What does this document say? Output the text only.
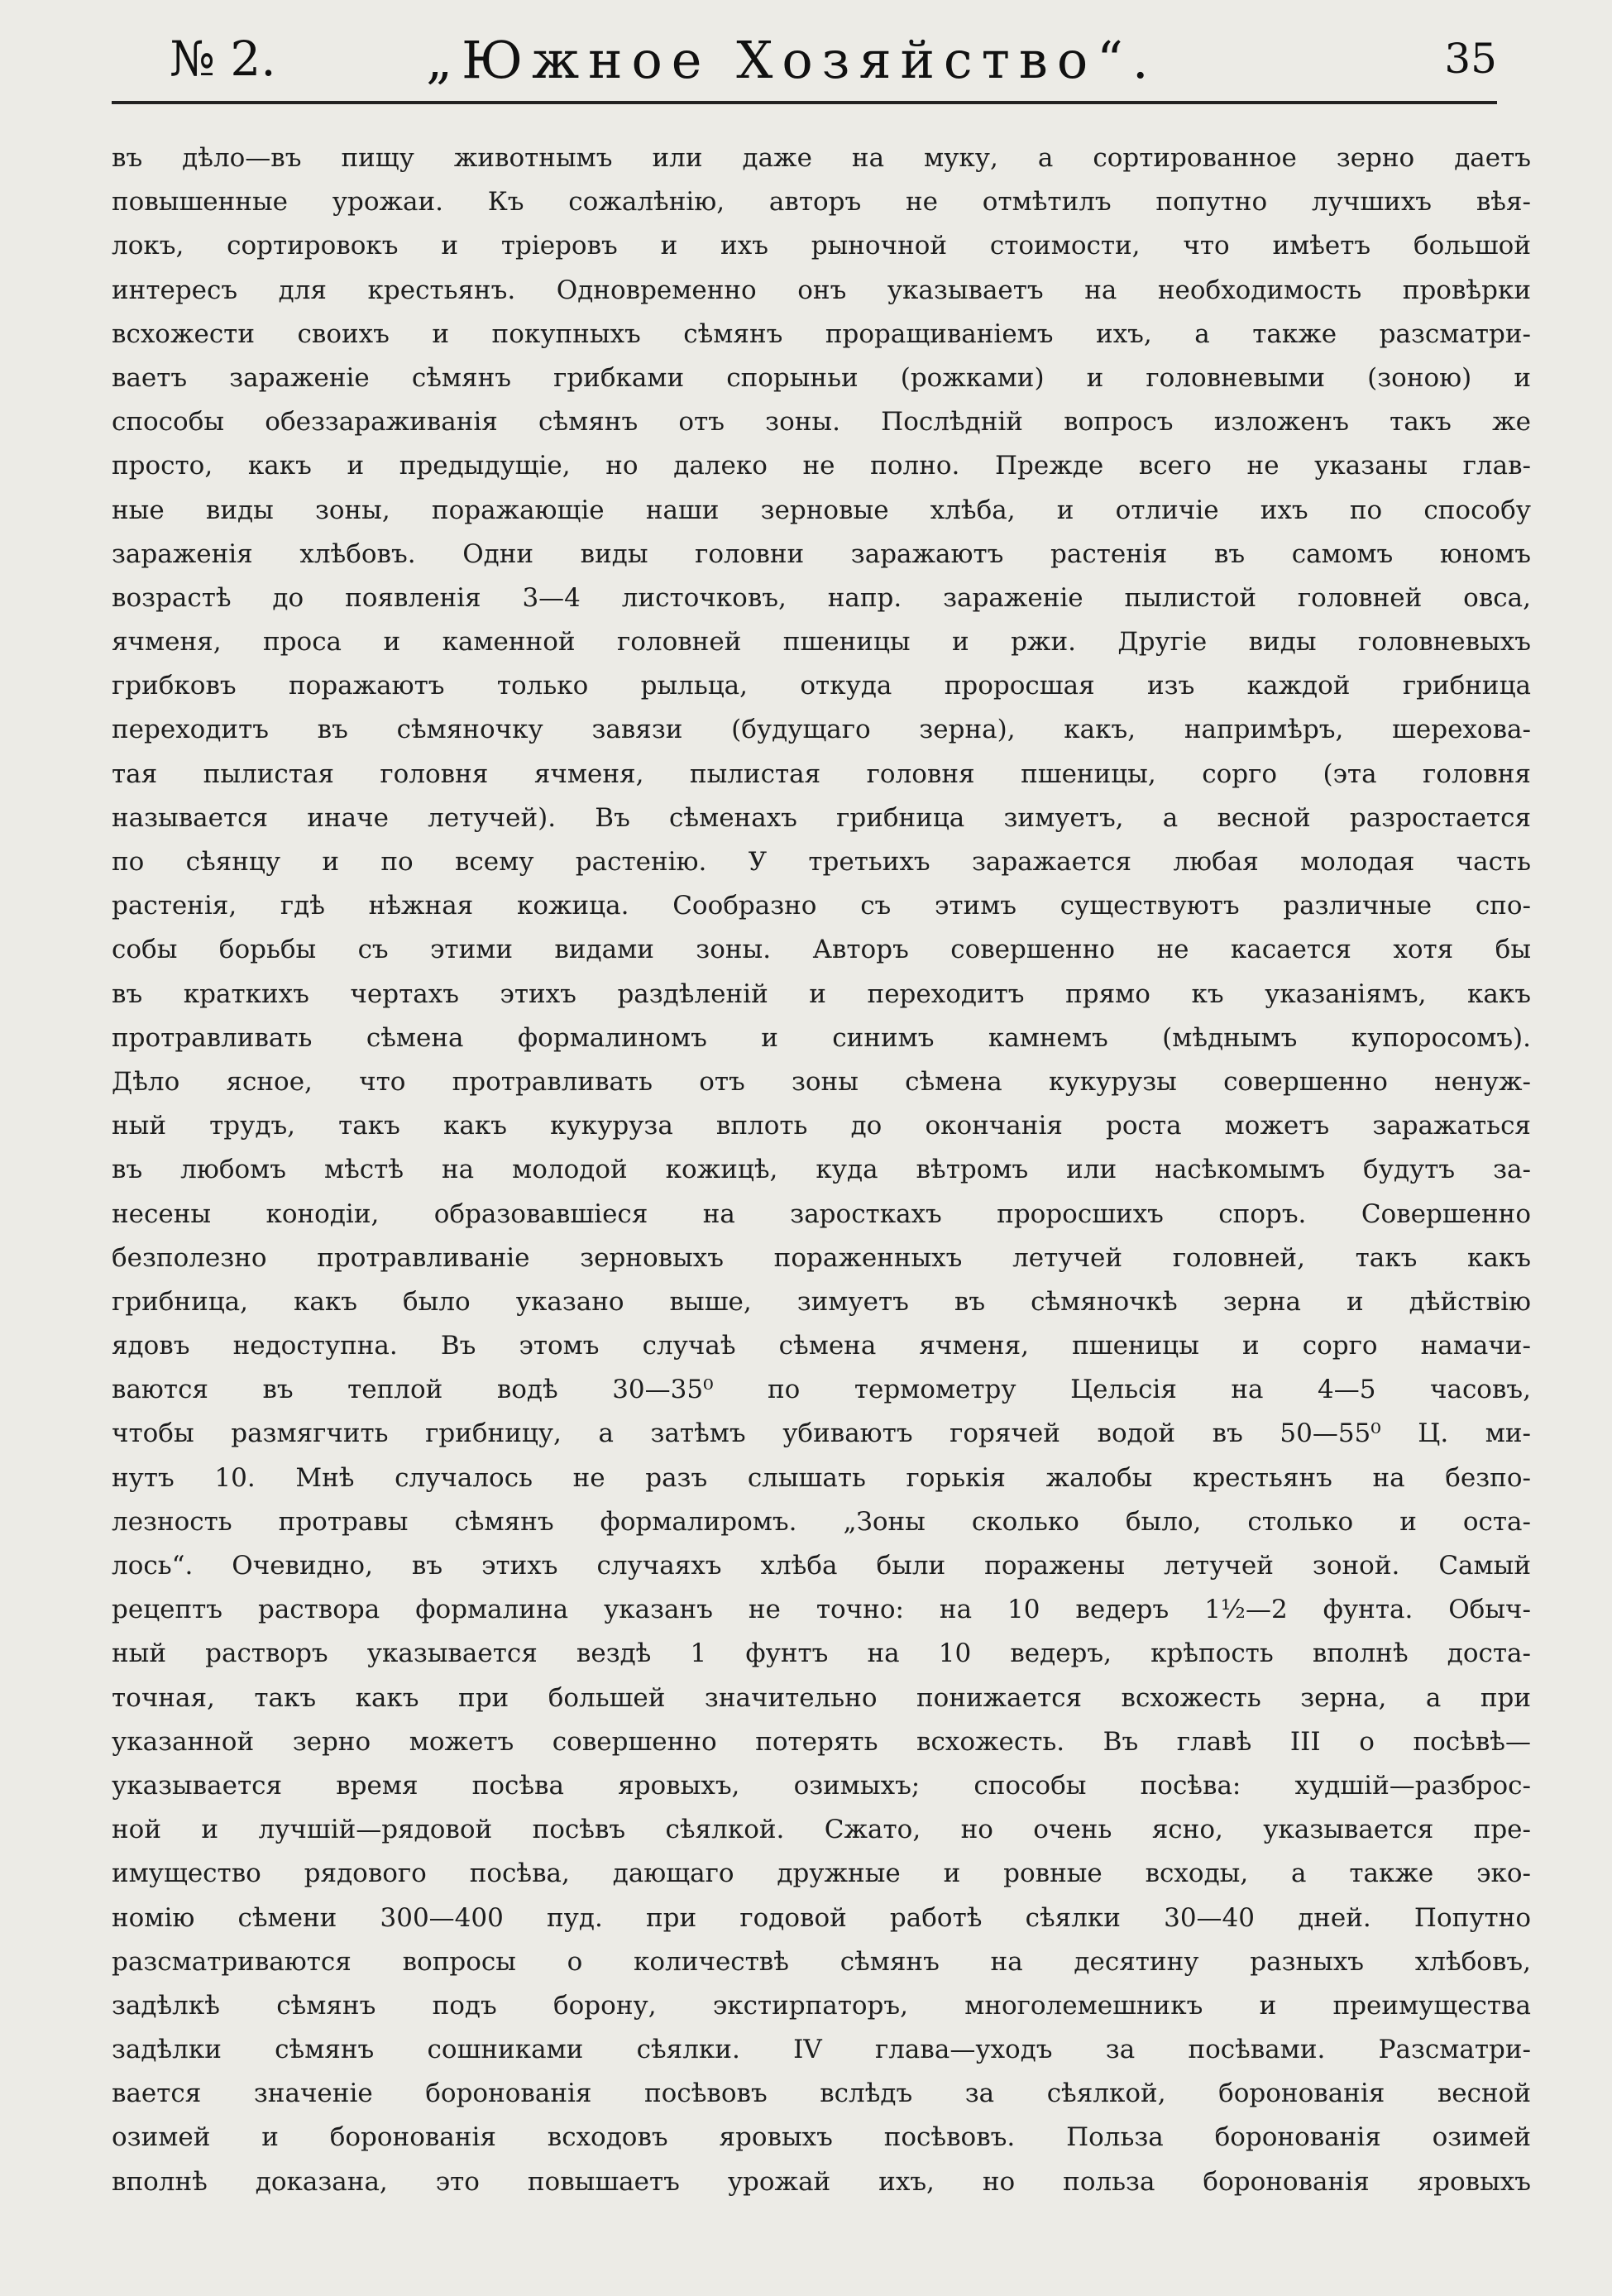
№ 2.	„Южное Хозяйство“.	35
въ дѣло—въ пищу животнымъ или даже на муку, а сортированное зерно даетъ
повышенные урожаи. Къ сожалѣнію, авторъ не отмѣтилъ попутно лучшихъ вѣя-
локъ, сортировокъ и тріеровъ и ихъ рыночной стоимости, что имѣетъ большой
интересъ для крестьянъ. Одновременно онъ указываетъ на необходимость провѣрки
всхожести своихъ и покупныхъ сѣмянъ проращиваніемъ ихъ, а также разсматри-
ваетъ зараженіе сѣмянъ грибками спорыньи (рожками) и головневыми (зонoю) и
способы обеззараживанія сѣмянъ отъ зоны. Послѣдній вопросъ изложенъ такъ же
просто, какъ и предыдущіе, но далеко не полно. Прежде всего не указаны глав-
ные виды зоны, поражающіе наши зерновые хлѣба, и отличіе ихъ по способу
зараженія хлѣбовъ. Одни виды головни заражаютъ растенія въ самомъ юномъ
возрастѣ до появленія 3—4 листочковъ, напр. зараженіе пылистой головней овса,
ячменя, проса и каменной головней пшеницы и ржи. Другіе виды головневыхъ
грибковъ поражаютъ только рыльца, откуда проросшая изъ каждой грибница
переходитъ въ сѣмяночку завязи (будущаго зерна), какъ, напримѣръ, шерехова-
тая пылистая головня ячменя, пылистая головня пшеницы, сорго (эта головня
называется иначе летучей). Въ сѣменахъ грибница зимуетъ, а весной разростается
по сѣянцу и по всему растенію. У третьихъ заражается любая молодая часть
растенія, гдѣ нѣжная кожица. Сообразно съ этимъ существуютъ различные спо-
собы борьбы съ этими видами зоны. Авторъ совершенно не касается хотя бы
въ краткихъ чертахъ этихъ раздѣленій и переходитъ прямо къ указаніямъ, какъ
протравливать сѣмена формалиномъ и синимъ камнемъ (мѣднымъ купоросомъ).
Дѣло ясное, что протравливать отъ зоны сѣмена кукурузы совершенно ненуж-
ный трудъ, такъ какъ кукуруза вплоть до окончанія роста можетъ заражаться
въ любомъ мѣстѣ на молодой кожицѣ, куда вѣтромъ или насѣкомымъ будутъ за-
несены конодіи, образовавшіеся на заросткахъ проросшихъ споръ. Совершенно
безполезно протравливаніе зерновыхъ пораженныхъ летучей головней, такъ какъ
грибница, какъ было указано выше, зимуетъ въ сѣмяночкѣ зерна и дѣйствію
ядовъ недоступна. Въ этомъ случаѣ сѣмена ячменя, пшеницы и сорго намачи-
ваются въ теплой водѣ 30—35⁰ по термометру Цельсія на 4—5 часовъ,
чтобы размягчить грибницу, а затѣмъ убиваютъ горячей водой въ 50—55⁰ Ц. ми-
нутъ 10. Мнѣ случалось не разъ слышать горькія жалобы крестьянъ на безпо-
лезность протравы сѣмянъ формалиромъ. „Зоны сколько было, столько и оста-
лось“. Очевидно, въ этихъ случаяхъ хлѣба были поражены летучей зоной. Самый
рецептъ раствора формалина указанъ не точно: на 10 ведеръ 1½—2 фунта. Обыч-
ный растворъ указывается вездѣ 1 фунтъ на 10 ведеръ, крѣпость вполнѣ доста-
точная, такъ какъ при большей значительно понижается всхожесть зерна, а при
указанной зерно можетъ совершенно потерять всхожесть. Въ главѣ III о посѣвѣ—
указывается время посѣва яровыхъ, озимыхъ; способы посѣва: худшій—разброс-
ной и лучшій—рядовой посѣвъ сѣялкой. Сжато, но очень ясно, указывается пре-
имущество рядового посѣва, дающаго дружные и ровные всходы, а также эко-
номію сѣмени 300—400 пуд. при годовой работѣ сѣялки 30—40 дней. Попутно
разсматриваются вопросы о количествѣ сѣмянъ на десятину разныхъ хлѣбовъ,
задѣлкѣ сѣмянъ подъ борону, экстирпаторъ, многолемешникъ и преимущества
задѣлки сѣмянъ сошниками сѣялки. IV глава—уходъ за посѣвами. Разсматри-
вается значеніе боронованія посѣвовъ вслѣдъ за сѣялкой, боронованія весной
озимей и боронованія всходовъ яровыхъ посѣвовъ. Польза боронованія озимей
вполнѣ доказана, это повышаетъ урожай ихъ, но польза боронованія яровыхъ
